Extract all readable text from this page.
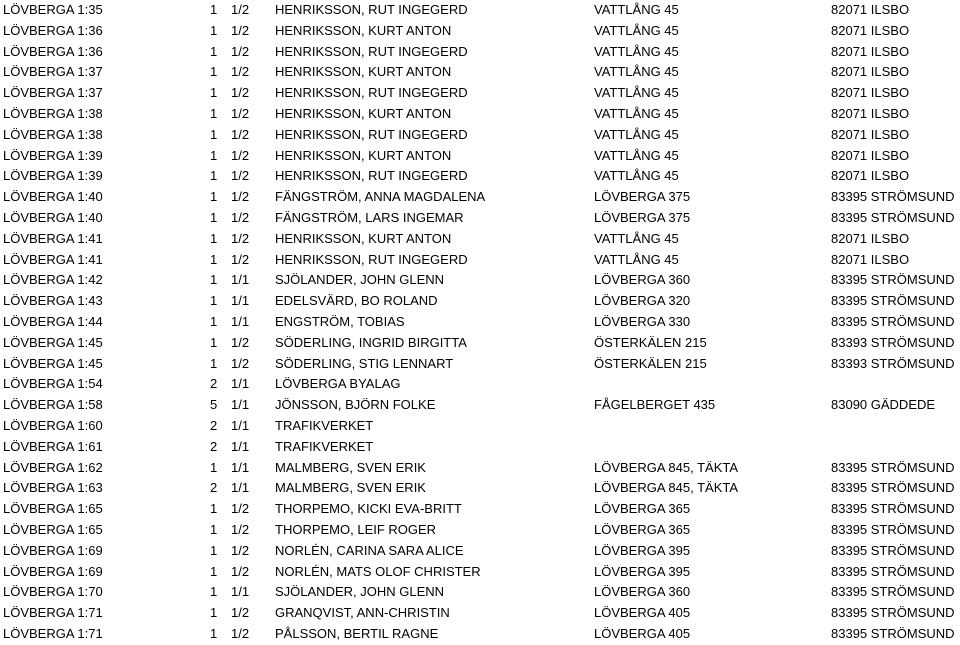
LÖVBERGA 1:35	1 1/2 HENRIKSSON, RUT INGEGERD	VATTLÅNG 45	82071 ILSBO
LÖVBERGA 1:36	1 1/2 HENRIKSSON, KURT ANTON	VATTLÅNG 45	82071 ILSBO
LÖVBERGA 1:36	1 1/2 HENRIKSSON, RUT INGEGERD	VATTLÅNG 45	82071 ILSBO
LÖVBERGA 1:37	1 1/2 HENRIKSSON, KURT ANTON	VATTLÅNG 45	82071 ILSBO
LÖVBERGA 1:37	1 1/2 HENRIKSSON, RUT INGEGERD	VATTLÅNG 45	82071 ILSBO
LÖVBERGA 1:38	1 1/2 HENRIKSSON, KURT ANTON	VATTLÅNG 45	82071 ILSBO
LÖVBERGA 1:38	1 1/2 HENRIKSSON, RUT INGEGERD	VATTLÅNG 45	82071 ILSBO
LÖVBERGA 1:39	1 1/2 HENRIKSSON, KURT ANTON	VATTLÅNG 45	82071 ILSBO
LÖVBERGA 1:39	1 1/2 HENRIKSSON, RUT INGEGERD	VATTLÅNG 45	82071 ILSBO
LÖVBERGA 1:40	1 1/2 FÄNGSTRÖM, ANNA MAGDALENA	LÖVBERGA 375	83395 STRÖMSUND
LÖVBERGA 1:40	1 1/2 FÄNGSTRÖM, LARS INGEMAR	LÖVBERGA 375	83395 STRÖMSUND
LÖVBERGA 1:41	1 1/2 HENRIKSSON, KURT ANTON	VATTLÅNG 45	82071 ILSBO
LÖVBERGA 1:41	1 1/2 HENRIKSSON, RUT INGEGERD	VATTLÅNG 45	82071 ILSBO
LÖVBERGA 1:42	1 1/1 SJÖLANDER, JOHN GLENN	LÖVBERGA 360	83395 STRÖMSUND
LÖVBERGA 1:43	1 1/1 EDELSVÄRD, BO ROLAND	LÖVBERGA 320	83395 STRÖMSUND
LÖVBERGA 1:44	1 1/1 ENGSTRÖM, TOBIAS	LÖVBERGA 330	83395 STRÖMSUND
LÖVBERGA 1:45	1 1/2 SÖDERLING, INGRID BIRGITTA	ÖSTERKÄLEN 215	83393 STRÖMSUND
LÖVBERGA 1:45	1 1/2 SÖDERLING, STIG LENNART	ÖSTERKÄLEN 215	83393 STRÖMSUND
LÖVBERGA 1:54	2 1/1 LÖVBERGA BYALAG
LÖVBERGA 1:58	5 1/1 JÖNSSON, BJÖRN FOLKE	FÅGELBERGET 435	83090 GÄDDEDE
LÖVBERGA 1:60	2 1/1 TRAFIKVERKET
LÖVBERGA 1:61	2 1/1 TRAFIKVERKET
LÖVBERGA 1:62	1 1/1 MALMBERG, SVEN ERIK	LÖVBERGA 845, TÄKTA	83395 STRÖMSUND
LÖVBERGA 1:63	2 1/1 MALMBERG, SVEN ERIK	LÖVBERGA 845, TÄKTA	83395 STRÖMSUND
LÖVBERGA 1:65	1 1/2 THORPEMO, KICKI EVA-BRITT	LÖVBERGA 365	83395 STRÖMSUND
LÖVBERGA 1:65	1 1/2 THORPEMO, LEIF ROGER	LÖVBERGA 365	83395 STRÖMSUND
LÖVBERGA 1:69	1 1/2 NORLÉN, CARINA SARA ALICE	LÖVBERGA 395	83395 STRÖMSUND
LÖVBERGA 1:69	1 1/2 NORLÉN, MATS OLOF CHRISTER	LÖVBERGA 395	83395 STRÖMSUND
LÖVBERGA 1:70	1 1/1 SJÖLANDER, JOHN GLENN	LÖVBERGA 360	83395 STRÖMSUND
LÖVBERGA 1:71	1 1/2 GRANQVIST, ANN-CHRISTIN	LÖVBERGA 405	83395 STRÖMSUND
LÖVBERGA 1:71	1 1/2 PÅLSSON, BERTIL RAGNE	LÖVBERGA 405	83395 STRÖMSUND
